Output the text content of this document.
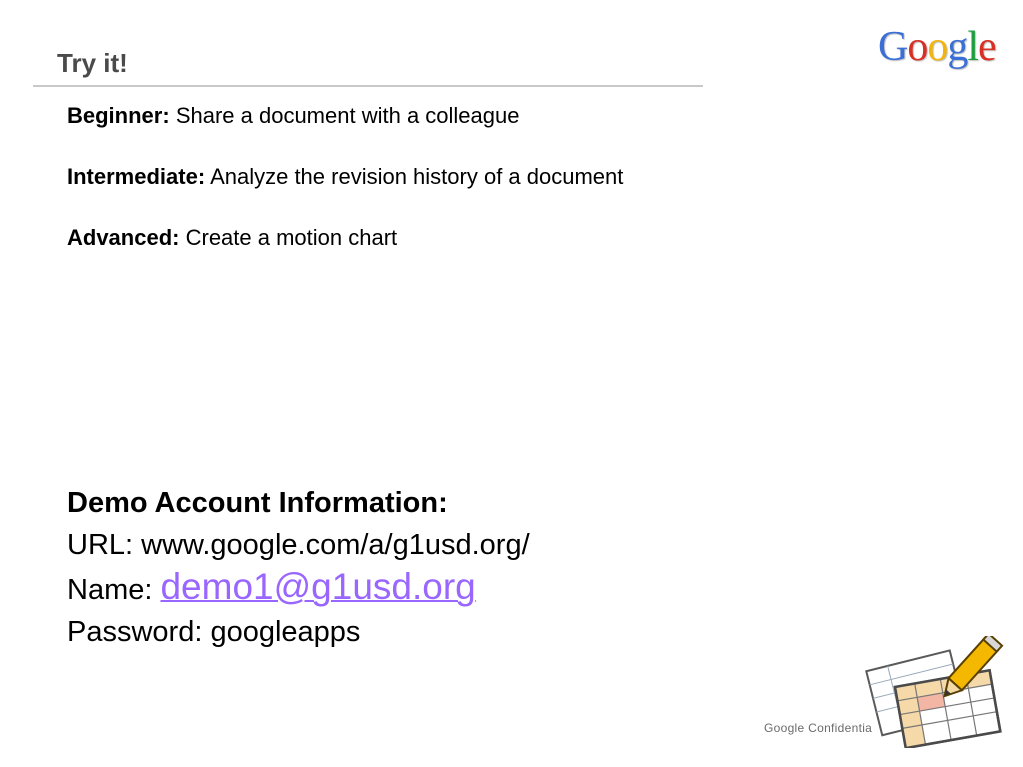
Try it!	Google
Beginner: Share a document with a colleague
Intermediate: Analyze the revision history of a document
Advanced: Create a motion chart
Demo Account Information:
URL: www.google.com/a/g1usd.org/
Name: demo1@g1usd.org
Password: googleapps
Google Confidentia
